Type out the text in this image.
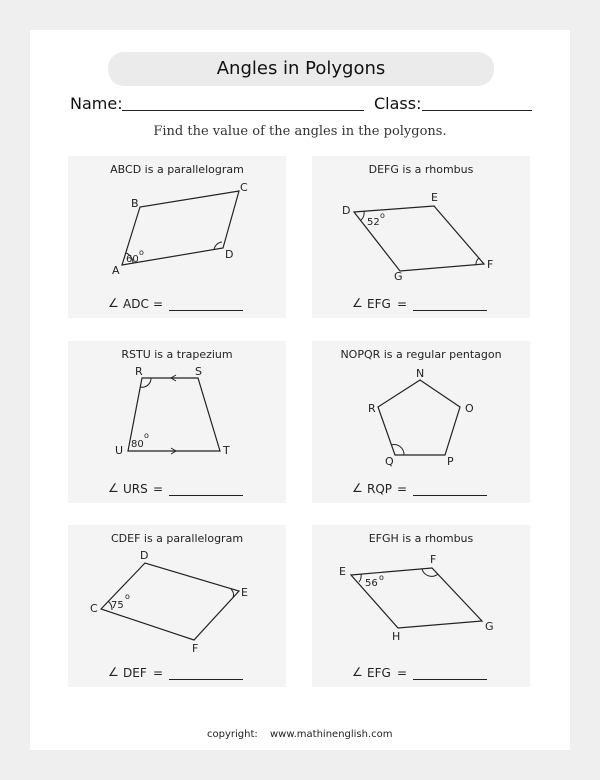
Angles in Polygons
Name:	Class:
Find the value of the angles in the polygons.
ABCD is a parallelogram
A
B
C
D
60
o
∠ ADC =
DEFG is a rhombus
D
E
F
G
52
o
∠ EFG =
RSTU is a trapezium
R	S
T
U 80
o
∠ URS =
NOPQR is a regular pentagon
N
O
P
Q
R
∠ RQP =
CDEF is a parallelogram
C
D
E
F
75
o
∠ DEF =
EFGH is a rhombus
E
F
G
H
56
o
∠ EFG =
copyright: www.mathinenglish.com
